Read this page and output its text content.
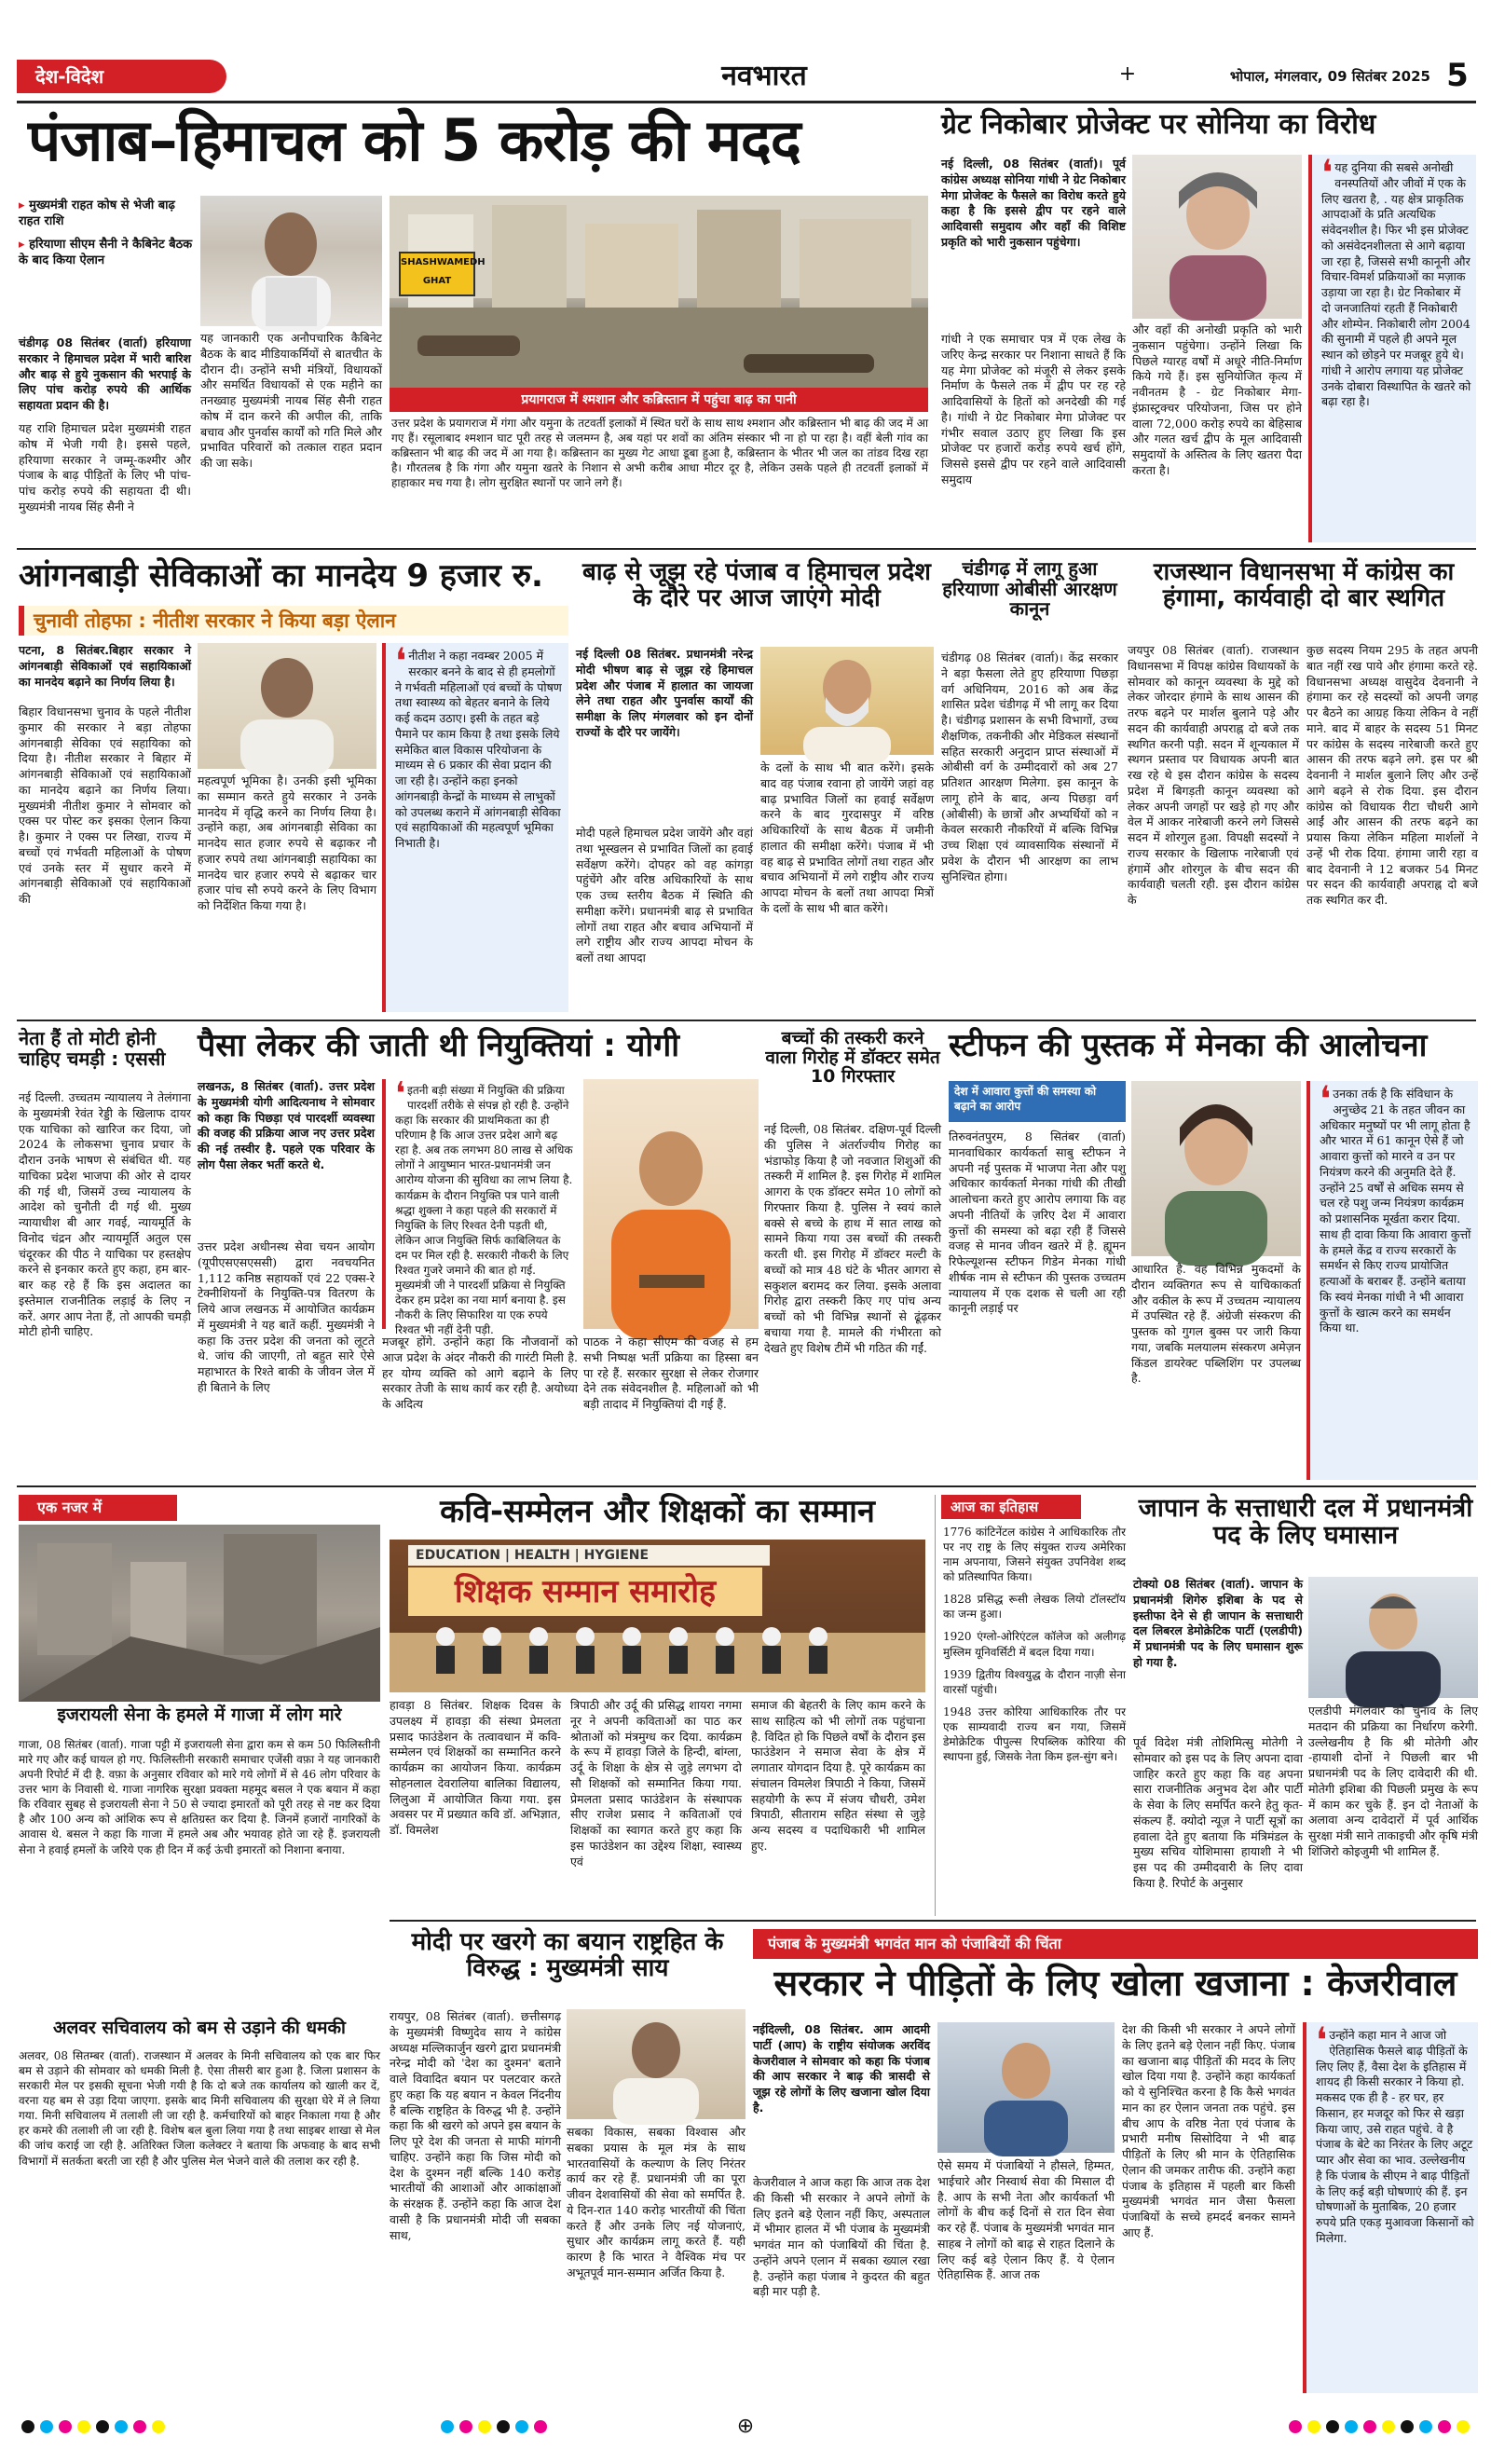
देश-विदेश	नवभारत	+	भोपाल, मंगलवार, 09 सितंबर 2025 5
पंजाब–हिमाचल को 5 करोड़ की मदद
▸ मुख्यमंत्री राहत कोष से भेजी बाढ़ राहत राशि
▸ हरियाणा सीएम सैनी ने कैबिनेट बैठक के बाद किया ऐलान
चंडीगढ़ 08 सितंबर (वार्ता) हरियाणा सरकार ने हिमाचल प्रदेश में भारी बारिश और बाढ़ से हुये नुकसान की भरपाई के लिए पांच करोड़ रुपये की आर्थिक सहायता प्रदान की है।
यह राशि हिमाचल प्रदेश मुख्यमंत्री राहत कोष में भेजी गयी है। इससे पहले, हरियाणा सरकार ने जम्मू-कश्मीर और पंजाब के बाढ़ पीड़ितों के लिए भी पांच-पांच करोड़ रुपये की सहायता दी थी। मुख्यमंत्री नायब सिंह सैनी ने
यह जानकारी एक अनौपचारिक कैबिनेट बैठक के बाद मीडियाकर्मियों से बातचीत के दौरान दी। उन्होंने सभी मंत्रियों, विधायकों और समर्थित विधायकों से एक महीने का तनख्वाह मुख्यमंत्री नायब सिंह सैनी राहत कोष में दान करने की अपील की, ताकि बचाव और पुनर्वास कार्यों को गति मिले और प्रभावित परिवारों को तत्काल राहत प्रदान की जा सके।
SHASHWAMEDH GHAT
प्रयागराज में श्मशान और कब्रिस्तान में पहुंचा बाढ़ का पानी
उत्तर प्रदेश के प्रयागराज में गंगा और यमुना के तटवर्ती इलाकों में स्थित घरों के साथ साथ श्मशान और कब्रिस्तान भी बाढ़ की जद में आ गए हैं। रसूलाबाद श्मशान घाट पूरी तरह से जलमग्न है, अब यहां पर शवों का अंतिम संस्कार भी ना हो पा रहा है। वहीं बेली गांव का कब्रिस्तान भी बाढ़ की जद में आ गया है। कब्रिस्तान का मुख्य गेट आधा डूबा हुआ है, कब्रिस्तान के भीतर भी जल का तांडव दिख रहा है। गौरतलब है कि गंगा और यमुना खतरे के निशान से अभी करीब आधा मीटर दूर है, लेकिन उसके पहले ही तटवर्ती इलाकों में हाहाकार मच गया है। लोग सुरक्षित स्थानों पर जाने लगे हैं।
ग्रेट निकोबार प्रोजेक्ट पर सोनिया का विरोध
नई दिल्ली, 08 सितंबर (वार्ता)। पूर्व कांग्रेस अध्यक्ष सोनिया गांधी ने ग्रेट निकोबार मेगा प्रोजेक्ट के फैसले का विरोध करते हुये कहा है कि इससे द्वीप पर रहने वाले आदिवासी समुदाय और वहाँ की विशिष्ट प्रकृति को भारी नुकसान पहुंचेगा।
गांधी ने एक समाचार पत्र में एक लेख के जरिए केन्द्र सरकार पर निशाना साधते हैं कि यह मेगा प्रोजेक्ट को मंजूरी से लेकर इसके निर्माण के फैसले तक में द्वीप पर रह रहे आदिवासियों के हितों को अनदेखी की गई है। गांधी ने ग्रेट निकोबार मेगा प्रोजेक्ट पर गंभीर सवाल उठाए हुए लिखा कि इस प्रोजेक्ट पर हजारों करोड़ रुपये खर्च होंगे, जिससे इससे द्वीप पर रहने वाले आदिवासी समुदाय
और वहाँ की अनोखी प्रकृति को भारी नुकसान पहुंचेगा। उन्होंने लिखा कि पिछले ग्यारह वर्षों में अधूरे नीति-निर्माण किये गये हैं। इस सुनियोजित कृत्य में नवीनतम है - ग्रेट निकोबार मेगा-इंफ्रास्ट्रक्चर परियोजना, जिस पर होने वाला 72,000 करोड़ रुपये का बेहिसाब और गलत खर्च द्वीप के मूल आदिवासी समुदायों के अस्तित्व के लिए खतरा पैदा करता है।
❛ यह दुनिया की सबसे अनोखी वनस्पतियों और जीवों में एक के लिए खतरा है, . यह क्षेत्र प्राकृतिक आपदाओं के प्रति अत्यधिक संवेदनशील है। फिर भी इस प्रोजेक्ट को असंवेदनशीलता से आगे बढ़ाया जा रहा है, जिससे सभी कानूनी और विचार-विमर्श प्रक्रियाओं का मज़ाक उड़ाया जा रहा है। ग्रेट निकोबार में दो जनजातियां रहती हैं निकोबारी और शोम्पेन. निकोबारी लोग 2004 की सुनामी में पहले ही अपने मूल स्थान को छोड़ने पर मजबूर हुये थे। गांधी ने आरोप लगाया यह प्रोजेक्ट उनके दोबारा विस्थापित के खतरे को बढ़ा रहा है।
आंगनबाड़ी सेविकाओं का मानदेय 9 हजार रु.
चुनावी तोहफा : नीतीश सरकार ने किया बड़ा ऐलान
पटना, 8 सितंबर.बिहार सरकार ने आंगनबाड़ी सेविकाओं एवं सहायिकाओं का मानदेय बढ़ाने का निर्णय लिया है।
बिहार विधानसभा चुनाव के पहले नीतीश कुमार की सरकार ने बड़ा तोहफा आंगनबाड़ी सेविका एवं सहायिका को दिया है। नीतीश सरकार ने बिहार में आंगनबाड़ी सेविकाओं एवं सहायिकाओं का मानदेय बढ़ाने का निर्णय लिया। मुख्यमंत्री नीतीश कुमार ने सोमवार को एक्स पर पोस्ट कर इसका ऐलान किया है। कुमार ने एक्स पर लिखा, राज्य में बच्चों एवं गर्भवती महिलाओं के पोषण एवं उनके स्तर में सुधार करने में आंगनबाड़ी सेविकाओं एवं सहायिकाओं की
महत्वपूर्ण भूमिका है। उनकी इसी भूमिका का सम्मान करते हुये सरकार ने उनके मानदेय में वृद्धि करने का निर्णय लिया है। उन्होंने कहा, अब आंगनबाड़ी सेविका का मानदेय सात हजार रुपये से बढ़ाकर नौ हजार रुपये तथा आंगनबाड़ी सहायिका का मानदेय चार हजार रुपये से बढ़ाकर चार हजार पांच सौ रुपये करने के लिए विभाग को निर्देशित किया गया है।
❛ नीतीश ने कहा नवम्बर 2005 में सरकार बनने के बाद से ही हमलोगों ने गर्भवती महिलाओं एवं बच्चों के पोषण तथा स्वास्थ्य को बेहतर बनाने के लिये कई कदम उठाए। इसी के तहत बड़े पैमाने पर काम किया है तथा इसके लिये समेकित बाल विकास परियोजना के माध्यम से 6 प्रकार की सेवा प्रदान की जा रही है। उन्होंने कहा इनको आंगनबाड़ी केन्द्रों के माध्यम से लाभुकों को उपलब्ध कराने में आंगनबाड़ी सेविका एवं सहायिकाओं की महत्वपूर्ण भूमिका निभाती है।
बाढ़ से जूझ रहे पंजाब व हिमाचल प्रदेश के दौरे पर आज जाएंगे मोदी
नई दिल्ली 08 सितंबर. प्रधानमंत्री नरेन्द्र मोदी भीषण बाढ़ से जूझ रहे हिमाचल प्रदेश और पंजाब में हालात का जायजा लेने तथा राहत और पुनर्वास कार्यों की समीक्षा के लिए मंगलवार को इन दोनों राज्यों के दौरे पर जायेंगे।
मोदी पहले हिमाचल प्रदेश जायेंगे और वहां तथा भूस्खलन से प्रभावित जिलों का हवाई सर्वेक्षण करेंगे। दोपहर को वह कांगड़ा पहुंचेंगे और वरिष्ठ अधिकारियों के साथ एक उच्च स्तरीय बैठक में स्थिति की समीक्षा करेंगे। प्रधानमंत्री बाढ़ से प्रभावित लोगों तथा राहत और बचाव अभियानों में लगे राष्ट्रीय और राज्य आपदा मोचन के बलों तथा आपदा
के दलों के साथ भी बात करेंगे। इसके बाद वह पंजाब रवाना हो जायेंगे जहां वह बाढ़ प्रभावित जिलों का हवाई सर्वेक्षण करने के बाद गुरदासपुर में वरिष्ठ अधिकारियों के साथ बैठक में जमीनी हालात की समीक्षा करेंगे। पंजाब में भी वह बाढ़ से प्रभावित लोगों तथा राहत और बचाव अभियानों में लगे राष्ट्रीय और राज्य आपदा मोचन के बलों तथा आपदा मित्रों के दलों के साथ भी बात करेंगे।
चंडीगढ़ में लागू हुआ हरियाणा ओबीसी आरक्षण कानून
चंडीगढ़ 08 सितंबर (वार्ता)। केंद्र सरकार ने बड़ा फैसला लेते हुए हरियाणा पिछड़ा वर्ग अधिनियम, 2016 को अब केंद्र शासित प्रदेश चंडीगढ़ में भी लागू कर दिया है। चंडीगढ़ प्रशासन के सभी विभागों, उच्च शैक्षणिक, तकनीकी और मेडिकल संस्थानों सहित सरकारी अनुदान प्राप्त संस्थाओं में ओबीसी वर्ग के उम्मीदवारों को अब 27 प्रतिशत आरक्षण मिलेगा. इस कानून के लागू होने के बाद, अन्य पिछड़ा वर्ग (ओबीसी) के छात्रों और अभ्यर्थियों को न केवल सरकारी नौकरियों में बल्कि विभिन्न उच्च शिक्षा एवं व्यावसायिक संस्थानों में प्रवेश के दौरान भी आरक्षण का लाभ सुनिश्चित होगा।
राजस्थान विधानसभा में कांग्रेस का हंगामा, कार्यवाही दो बार स्थगित
जयपुर 08 सितंबर (वार्ता). राजस्थान विधानसभा में विपक्ष कांग्रेस विधायकों के सोमवार को कानून व्यवस्था के मुद्दे को लेकर जोरदार हंगामे के साथ आसन की तरफ बढ़ने पर मार्शल बुलाने पड़े और सदन की कार्यवाही अपराह्न दो बजे तक स्थगित करनी पड़ी. सदन में शून्यकाल में स्थगन प्रस्ताव पर विधायक अपनी बात रख रहे थे इस दौरान कांग्रेस के सदस्य प्रदेश में बिगड़ती कानून व्यवस्था को लेकर अपनी जगहों पर खड़े हो गए और वेल में आकर नारेबाजी करने लगे जिससे सदन में शोरगुल हुआ. विपक्षी सदस्यों ने राज्य सरकार के खिलाफ नारेबाजी एवं हंगामें और शोरगुल के बीच सदन की कार्यवाही चलती रही. इस दौरान कांग्रेस के
कुछ सदस्य नियम 295 के तहत अपनी बात नहीं रख पाये और हंगामा करते रहे. विधानसभा अध्यक्ष वासुदेव देवनानी ने हंगामा कर रहे सदस्यों को अपनी जगह पर बैठने का आग्रह किया लेकिन वे नहीं माने. बाद में बाहर के सदस्य 51 मिनट पर कांग्रेस के सदस्य नारेबाजी करते हुए आसन की तरफ बढ़ने लगे. इस पर श्री देवनानी ने मार्शल बुलाने लिए और उन्हें आगे बढ़ने से रोक दिया. इस दौरान कांग्रेस को विधायक रीटा चौधरी आगे आईं और आसन की तरफ बढ़ने का प्रयास किया लेकिन महिला मार्शलों ने उन्हें भी रोक दिया. हंगामा जारी रहा व बाद देवनानी ने 12 बजकर 54 मिनट पर सदन की कार्यवाही अपराह्न दो बजे तक स्थगित कर दी.
नेता हैं तो मोटी होनी चाहिए चमड़ी : एससी
नई दिल्ली. उच्चतम न्यायालय ने तेलंगाना के मुख्यमंत्री रेवंत रेड्डी के खिलाफ दायर एक याचिका को खारिज कर दिया, जो 2024 के लोकसभा चुनाव प्रचार के दौरान उनके भाषण से संबंधित थी. यह याचिका प्रदेश भाजपा की ओर से दायर की गई थी, जिसमें उच्च न्यायालय के आदेश को चुनौती दी गई थी. मुख्य न्यायाधीश बी आर गवई, न्यायमूर्ति के विनोद चंद्रन और न्यायमूर्ति अतुल एस चंदूरकर की पीठ ने याचिका पर हस्तक्षेप करने से इनकार करते हुए कहा, हम बार-बार कह रहे हैं कि इस अदालत का इस्तेमाल राजनीतिक लड़ाई के लिए न करें. अगर आप नेता हैं, तो आपकी चमड़ी मोटी होनी चाहिए.
पैसा लेकर की जाती थी नियुक्तियां : योगी
लखनऊ, 8 सितंबर (वार्ता). उत्तर प्रदेश के मुख्यमंत्री योगी आदित्यनाथ ने सोमवार को कहा कि पिछड़ा एवं पारदर्शी व्यवस्था की वजह की प्रक्रिया आज नए उत्तर प्रदेश की नई तस्वीर है. पहले एक परिवार के लोग पैसा लेकर भर्ती करते थे.
उत्तर प्रदेश अधीनस्थ सेवा चयन आयोग (यूपीएसएसएससी) द्वारा नवचयनित 1,112 कनिष्ठ सहायकों एवं 22 एक्स-रे टेक्नीशियनों के नियुक्ति-पत्र वितरण के लिये आज लखनऊ में आयोजित कार्यक्रम में मुख्यमंत्री ने यह बातें कहीं. मुख्यमंत्री ने कहा कि उत्तर प्रदेश की जनता को लूटते थे. जांच की जाएगी, तो बहुत सारे ऐसे महाभारत के रिश्ते बाकी के जीवन जेल में ही बिताने के लिए
❛ इतनी बड़ी संख्या में नियुक्ति की प्रक्रिया पारदर्शी तरीके से संपन्न हो रही है. उन्होंने कहा कि सरकार की प्राथमिकता का ही परिणाम है कि आज उत्तर प्रदेश आगे बढ़ रहा है. अब तक लगभग 80 लाख से अधिक लोगों ने आयुष्मान भारत-प्रधानमंत्री जन आरोग्य योजना की सुविधा का लाभ लिया है. कार्यक्रम के दौरान नियुक्ति पत्र पाने वाली श्रद्धा शुक्ला ने कहा पहले की सरकारों में नियुक्ति के लिए रिश्वत देनी पड़ती थी, लेकिन आज नियुक्ति सिर्फ काबिलियत के दम पर मिल रही है. सरकारी नौकरी के लिए रिश्वत गुजरे जमाने की बात हो गई. मुख्यमंत्री जी ने पारदर्शी प्रक्रिया से नियुक्ति देकर हम प्रदेश का नया मार्ग बनाया है. इस नौकरी के लिए सिफारिश या एक रुपये रिश्वत भी नहीं देनी पड़ी.
मजबूर होंगे. उन्होंने कहा कि नौजवानों को आज प्रदेश के अंदर नौकरी की गारंटी मिली है. हर योग्य व्यक्ति को आगे बढ़ाने के लिए सरकार तेजी के साथ कार्य कर रही है. अयोध्या के अदित्य
पाठक ने कहा सीएम की वजह से हम सभी निष्पक्ष भर्ती प्रक्रिया का हिस्सा बन पा रहे हैं. सरकार सुरक्षा से लेकर रोजगार देने तक संवेदनशील है. महिलाओं को भी बड़ी तादाद में नियुक्तियां दी गई हैं.
बच्चों की तस्करी करने वाला गिरोह में डॉक्टर समेत 10 गिरफ्तार
नई दिल्ली, 08 सितंबर. दक्षिण-पूर्व दिल्ली की पुलिस ने अंतर्राज्यीय गिरोह का भंडाफोड़ किया है जो नवजात शिशुओं की तस्करी में शामिल है. इस गिरोह में शामिल आगरा के एक डॉक्टर समेत 10 लोगों को गिरफ्तार किया है. पुलिस ने स्वयं काले बक्से से बच्चे के हाथ में सात लाख को सामने किया गया उस बच्चों की तस्करी करती थी. इस गिरोह में डॉक्टर मल्टी के बच्चों को मात्र 48 घंटे के भीतर आगरा से सकुशल बरामद कर लिया. इसके अलावा गिरोह द्वारा तस्करी किए गए पांच अन्य बच्चों को भी विभिन्न स्थानों से ढूंढ़कर बचाया गया है. मामले की गंभीरता को देखते हुए विशेष टीमें भी गठित की गईं.
स्टीफन की पुस्तक में मेनका की आलोचना
देश में आवारा कुत्तों की समस्या को बढ़ाने का आरोप
तिरुवनंतपुरम, 8 सितंबर (वार्ता) मानवाधिकार कार्यकर्ता साबु स्टीफन ने अपनी नई पुस्तक में भाजपा नेता और पशु अधिकार कार्यकर्ता मेनका गांधी की तीखी आलोचना करते हुए आरोप लगाया कि वह अपनी नीतियों के ज़रिए देश में आवारा कुत्तों की समस्या को बढ़ा रही हैं जिससे वजह से मानव जीवन खतरे में है. ह्यूमन रिफेल्यूशन्स स्टीफन गिडेन मेनका गांधी शीर्षक नाम से स्टीफन की पुस्तक उच्चतम न्यायालय में एक दशक से चली आ रही कानूनी लड़ाई पर
आधारित है. वह विभिन्न मुकदमों के दौरान व्यक्तिगत रूप से याचिकाकर्ता और वकील के रूप में उच्चतम न्यायालय में उपस्थित रहे हैं. अंग्रेजी संस्करण की पुस्तक को गुगल बुक्स पर जारी किया गया, जबकि मलयालम संस्करण अमेज़न किंडल डायरेक्ट पब्लिशिंग पर उपलब्ध है.
❛ उनका तर्क है कि संविधान के अनुच्छेद 21 के तहत जीवन का अधिकार मनुष्यों पर भी लागू होता है और भारत में 61 कानून ऐसे हैं जो आवारा कुत्तों को मारने व उन पर नियंत्रण करने की अनुमति देते हैं. उन्होंने 25 वर्षों से अधिक समय से चल रहे पशु जन्म नियंत्रण कार्यक्रम को प्रशासनिक मूर्खता करार दिया. साथ ही दावा किया कि आवारा कुत्तों के हमले केंद्र व राज्य सरकारों के समर्थन से किए राज्य प्रायोजित हत्याओं के बराबर हैं. उन्होंने बताया कि स्वयं मेनका गांधी ने भी आवारा कुत्तों के खात्म करने का समर्थन किया था.
एक नजर में
इजरायली सेना के हमले में गाजा में लोग मारे
गाजा, 08 सितंबर (वार्ता). गाजा पट्टी में इजरायली सेना द्वारा कम से कम 50 फिलिस्तीनी मारे गए और कई घायल हो गए. फिलिस्तीनी सरकारी समाचार एजेंसी वफ़ा ने यह जानकारी अपनी रिपोर्ट में दी है. वफ़ा के अनुसार रविवार को मारे गये लोगों में से 46 लोग परिवार के उत्तर भाग के निवासी थे. गाजा नागरिक सुरक्षा प्रवक्ता महमूद बसल ने एक बयान में कहा कि रविवार सुबह से इजरायली सेना ने 50 से ज्यादा इमारतों को पूरी तरह से नष्ट कर दिया है और 100 अन्य को आंशिक रूप से क्षतिग्रस्त कर दिया है. जिनमें हजारों नागरिकों के आवास थे. बसल ने कहा कि गाजा में हमले अब और भयावह होते जा रहे हैं. इजरायली सेना ने हवाई हमलों के जरिये एक ही दिन में कई ऊंची इमारतों को निशाना बनाया.
अलवर सचिवालय को बम से उड़ाने की धमकी
अलवर, 08 सितम्बर (वार्ता). राजस्थान में अलवर के मिनी सचिवालय को एक बार फिर बम से उड़ाने की सोमवार को धमकी मिली है. ऐसा तीसरी बार हुआ है. जिला प्रशासन के सरकारी मेल पर इसकी सूचना भेजी गयी है कि दो बजे तक कार्यालय को खाली कर दें, वरना यह बम से उड़ा दिया जाएगा. इसके बाद मिनी सचिवालय की सुरक्षा घेरे में ले लिया गया. मिनी सचिवालय में तलाशी ली जा रही है. कर्मचारियों को बाहर निकाला गया है और हर कमरे की तलाशी ली जा रही है. विशेष बल बुला लिया गया है तथा साइबर शाखा से मेल की जांच कराई जा रही है. अतिरिक्त जिला कलेक्टर ने बताया कि अफवाह के बाद सभी विभागों में सतर्कता बरती जा रही है और पुलिस मेल भेजने वाले की तलाश कर रही है.
कवि-सम्मेलन और शिक्षकों का सम्मान
EDUCATION | HEALTH | HYGIENE
शिक्षक सम्मान समारोह
हावड़ा 8 सितंबर. शिक्षक दिवस के उपलक्ष्य में हावड़ा की संस्था प्रेमलता प्रसाद फाउंडेशन के तत्वावधान में कवि-सम्मेलन एवं शिक्षकों का सम्मानित करने कार्यक्रम का आयोजन किया. कार्यक्रम सोहनलाल देवरालिया बालिका विद्यालय, लिलुआ में आयोजित किया गया. इस अवसर पर में प्रख्यात कवि डॉ. अभिज्ञात, डॉ. विमलेश
त्रिपाठी और उर्दू की प्रसिद्ध शायरा नगमा नूर ने अपनी कविताओं का पाठ कर श्रोताओं को मंत्रमुग्ध कर दिया. कार्यक्रम के रूप में हावड़ा जिले के हिन्दी, बांग्ला, उर्दू के शिक्षा के क्षेत्र से जुड़े लगभग दो सौ शिक्षकों को सम्मानित किया गया. प्रेमलता प्रसाद फाउंडेशन के संस्थापक सीए राजेश प्रसाद ने कविताओं एवं शिक्षकों का स्वागत करते हुए कहा कि इस फाउंडेशन का उद्देश्य शिक्षा, स्वास्थ्य एवं
समाज की बेहतरी के लिए काम करने के साथ साहित्य को भी लोगों तक पहुंचाना है. विदित हो कि पिछले वर्षों के दौरान इस फाउंडेशन ने समाज सेवा के क्षेत्र में लगातार योगदान दिया है. पूरे कार्यक्रम का संचालन विमलेश त्रिपाठी ने किया, जिसमें सहयोगी के रूप में संजय चौधरी, उमेश त्रिपाठी, सीताराम सहित संस्था से जुड़े अन्य सदस्य व पदाधिकारी भी शामिल हुए.
आज का इतिहास

1776 कांटिनेंटल कांग्रेस ने आधिकारिक तौर पर नए राष्ट्र के लिए संयुक्त राज्य अमेरिका नाम अपनाया, जिसने संयुक्त उपनिवेश शब्द को प्रतिस्थापित किया।

1828 प्रसिद्ध रूसी लेखक लियो टॉलस्टॉय का जन्म हुआ।

1920 एंग्लो-ओरिएंटल कॉलेज को अलीगढ़ मुस्लिम यूनिवर्सिटी में बदल दिया गया।

1939 द्वितीय विश्वयुद्ध के दौरान नाज़ी सेना वारसॉ पहुंची।

1948 उत्तर कोरिया आधिकारिक तौर पर एक साम्यवादी राज्य बन गया, जिसमें डेमोक्रेटिक पीपुल्स रिपब्लिक कोरिया की स्थापना हुई, जिसके नेता किम इल-सुंग बने।

जापान के सत्ताधारी दल में प्रधानमंत्री पद के लिए घमासान
टोक्यो 08 सितंबर (वार्ता). जापान के प्रधानमंत्री शिगेरु इशिबा के पद से इस्तीफा देने से ही जापान के सत्ताधारी दल लिबरल डेमोक्रेटिक पार्टी (एलडीपी) में प्रधानमंत्री पद के लिए घमासान शुरू हो गया है.
पूर्व विदेश मंत्री तोशिमित्सु मोतेगी ने सोमवार को इस पद के लिए अपना दावा जाहिर करते हुए कहा कि वह अपना सारा राजनीतिक अनुभव देश और पार्टी के सेवा के लिए समर्पित करने हेतु कृत-संकल्प हैं. क्योदो न्यूज़ ने पार्टी सूत्रों का हवाला देते हुए बताया कि मंत्रिमंडल के मुख्य सचिव योशिमासा हायाशी ने भी इस पद की उम्मीदवारी के लिए दावा किया है. रिपोर्ट के अनुसार
एलडीपी मंगलवार को चुनाव के लिए मतदान की प्रक्रिया का निर्धारण करेगी. उल्लेखनीय है कि श्री मोतेगी और -हायाशी दोनों ने पिछली बार भी प्रधानमंत्री पद के लिए दावेदारी की थी. मोतेगी इशिबा की पिछली प्रमुख के रूप में काम कर चुके हैं. इन दो नेताओं के अलावा अन्य दावेदारों में पूर्व आर्थिक सुरक्षा मंत्री साने ताकाइची और कृषि मंत्री शिंजिरो कोइजुमी भी शामिल हैं.
मोदी पर खरगे का बयान राष्ट्रहित के विरुद्ध : मुख्यमंत्री साय
रायपुर, 08 सितंबर (वार्ता). छत्तीसगढ़ के मुख्यमंत्री विष्णुदेव साय ने कांग्रेस अध्यक्ष मल्लिकार्जुन खरगे द्वारा प्रधानमंत्री नरेन्द्र मोदी को 'देश का दुश्मन' बताने वाले विवादित बयान पर पलटवार करते हुए कहा कि यह बयान न केवल निंदनीय है बल्कि राष्ट्रहित के विरुद्ध भी है. उन्होंने कहा कि श्री खरगे को अपने इस बयान के लिए पूरे देश की जनता से माफी मांगनी चाहिए. उन्होंने कहा कि जिस मोदी को देश के दुश्मन नहीं बल्कि 140 करोड़ भारतीयों की आशाओं और आकांक्षाओं के संरक्षक हैं. उन्होंने कहा कि आज देश वासी है कि प्रधानमंत्री मोदी जी सबका साथ,
सबका विकास, सबका विश्वास और सबका प्रयास के मूल मंत्र के साथ भारतवासियों के कल्याण के लिए निरंतर कार्य कर रहे हैं. प्रधानमंत्री जी का पूरा जीवन देशवासियों की सेवा को समर्पित है. ये दिन-रात 140 करोड़ भारतीयों की चिंता करते हैं और उनके लिए नई योजनाएं, सुधार और कार्यक्रम लागू करते हैं. यही कारण है कि भारत ने वैश्विक मंच पर अभूतपूर्व मान-सम्मान अर्जित किया है.
पंजाब के मुख्यमंत्री भगवंत मान को पंजाबियों की चिंता
सरकार ने पीड़ितों के लिए खोला खजाना : केजरीवाल
नईदिल्ली, 08 सितंबर. आम आदमी पार्टी (आप) के राष्ट्रीय संयोजक अरविंद केजरीवाल ने सोमवार को कहा कि पंजाब की आप सरकार ने बाढ़ की त्रासदी से जूझ रहे लोगों के लिए खजाना खोल दिया है.
केजरीवाल ने आज कहा कि आज तक देश की किसी भी सरकार ने अपने लोगों के लिए इतने बड़े ऐलान नहीं किए, अस्पताल में भीमार हालत में भी पंजाब के मुख्यमंत्री भगवंत मान को पंजाबियों की चिंता है. उन्होंने अपने एलान में सबका ख्याल रखा है. उन्होंने कहा पंजाब ने कुदरत की बहुत बड़ी मार पड़ी है.
ऐसे समय में पंजाबियों ने हौसले, हिम्मत, भाईचारे और निस्वार्थ सेवा की मिसाल दी है. आप के सभी नेता और कार्यकर्ता भी लोगों के बीच कई दिनों से रात दिन सेवा कर रहे हैं. पंजाब के मुख्यमंत्री भगवंत मान साहब ने लोगों को बाढ़ से राहत दिलाने के लिए कई बड़े ऐलान किए हैं. ये ऐलान ऐतिहासिक हैं. आज तक
देश की किसी भी सरकार ने अपने लोगों के लिए इतने बड़े ऐलान नहीं किए. पंजाब का खजाना बाढ़ पीड़ितों की मदद के लिए खोल दिया गया है. उन्होंने कहा कार्यकर्ता को ये सुनिश्चित करना है कि कैसे भगवंत मान का हर ऐलान जनता तक पहुंचे. इस बीच आप के वरिष्ठ नेता एवं पंजाब के प्रभारी मनीष सिसोदिया ने भी बाढ़ पीड़ितों के लिए श्री मान के ऐतिहासिक ऐलान की जमकर तारीफ की. उन्होंने कहा पंजाब के इतिहास में पहली बार किसी मुख्यमंत्री भगवंत मान जैसा फैसला पंजाबियों के सच्चे हमदर्द बनकर सामने आए हैं.
❛ उन्होंने कहा मान ने आज जो ऐतिहासिक फैसले बाढ़ पीड़ितों के लिए लिए हैं, वैसा देश के इतिहास में शायद ही किसी सरकार ने किया हो. मकसद एक ही है - हर घर, हर किसान, हर मजदूर को फिर से खड़ा किया जाए, उसे राहत पहुंचे. वे है पंजाब के बेटे का निरंतर के लिए अटूट प्यार और सेवा का भाव. उल्लेखनीय है कि पंजाब के सीएम ने बाढ़ पीड़ितों के लिए कई बड़ी घोषणाएं की हैं. इन घोषणाओं के मुताबिक, 20 हजार रुपये प्रति एकड़ मुआवजा किसानों को मिलेगा.
⊕
